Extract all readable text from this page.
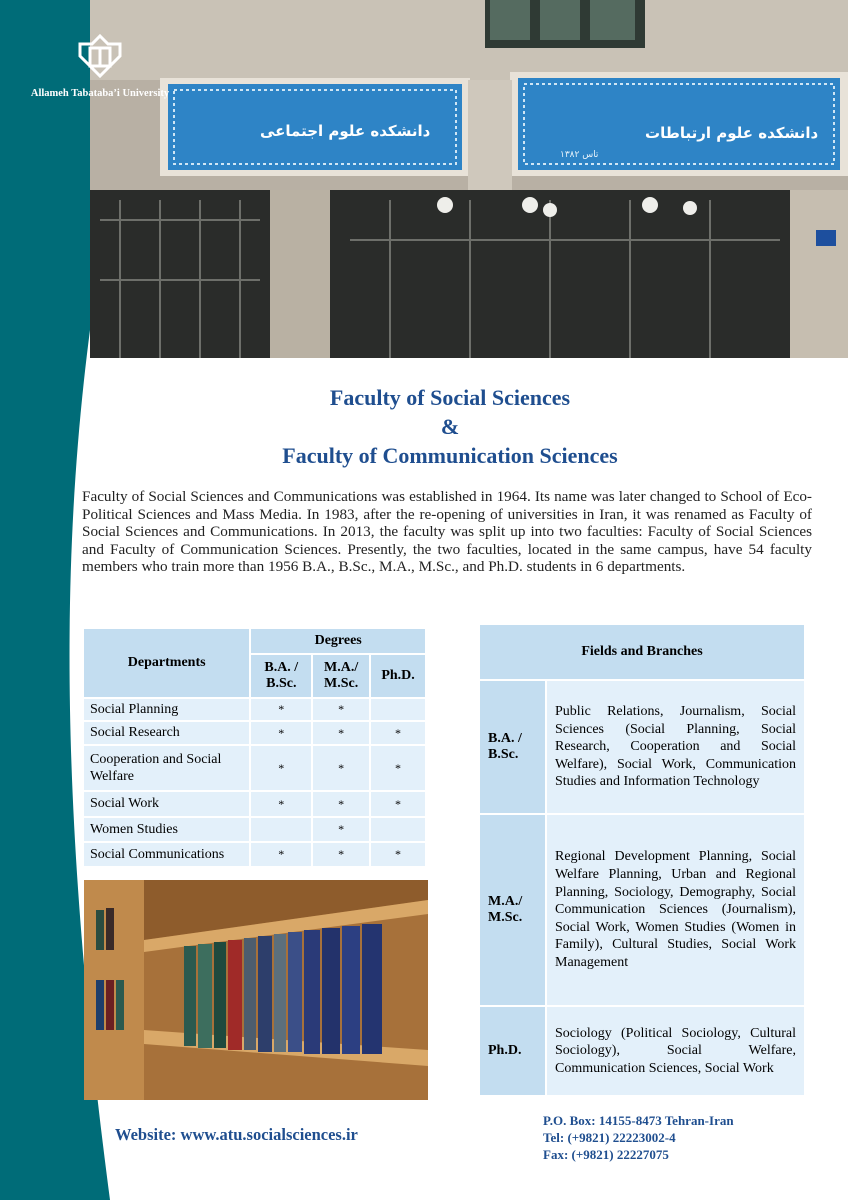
دانشکده علوم اجتماعی	دانشکده علوم ارتباطات
تاس ۱۳۸۲
Allameh Tabataba’i University
Faculty of Social Sciences
&
Faculty of Communication Sciences
Faculty of Social Sciences and Communications was established in 1964. Its name was later changed to School of Eco-Political Sciences and Mass Media. In 1983, after the re-opening of universities in Iran, it was renamed as Faculty of Social Sciences and Communications. In 2013, the faculty was split up into two faculties: Faculty of Social Sciences and Faculty of Communication Sciences. Presently, the two faculties, located in the same campus, have 54 faculty members who train more than 1956 B.A., B.Sc., M.A., M.Sc., and Ph.D. students in 6 departments.
Departments	Degrees		
	B.A. / B.Sc.	M.A./ M.Sc.	Ph.D.
Social Planning	*	*	
Social Research	*	*	*
Cooperation and Social Welfare	*	*	*
Social Work	*	*	*
Women Studies		*	
Social Communications	*	*	*
Fields and Branches	
B.A. / B.Sc.	Public Relations, Journalism, Social Sciences (Social Planning, Social Research, Cooperation and Social Welfare), Social Work, Communication Studies and Information Technology
M.A./ M.Sc.	Regional Development Planning, Social Welfare Planning, Urban and Regional Planning, Sociology, Demography, Social Communication Sciences (Journalism), Social Work, Women Studies (Women in Family), Cultural Studies, Social Work Management
Ph.D.	Sociology (Political Sociology, Cultural Sociology), Social Welfare, Communication Sciences, Social Work
Website: www.atu.socialsciences.ir
P.O. Box: 14155-8473 Tehran-Iran
Tel: (+9821) 22223002-4
Fax: (+9821) 22227075
